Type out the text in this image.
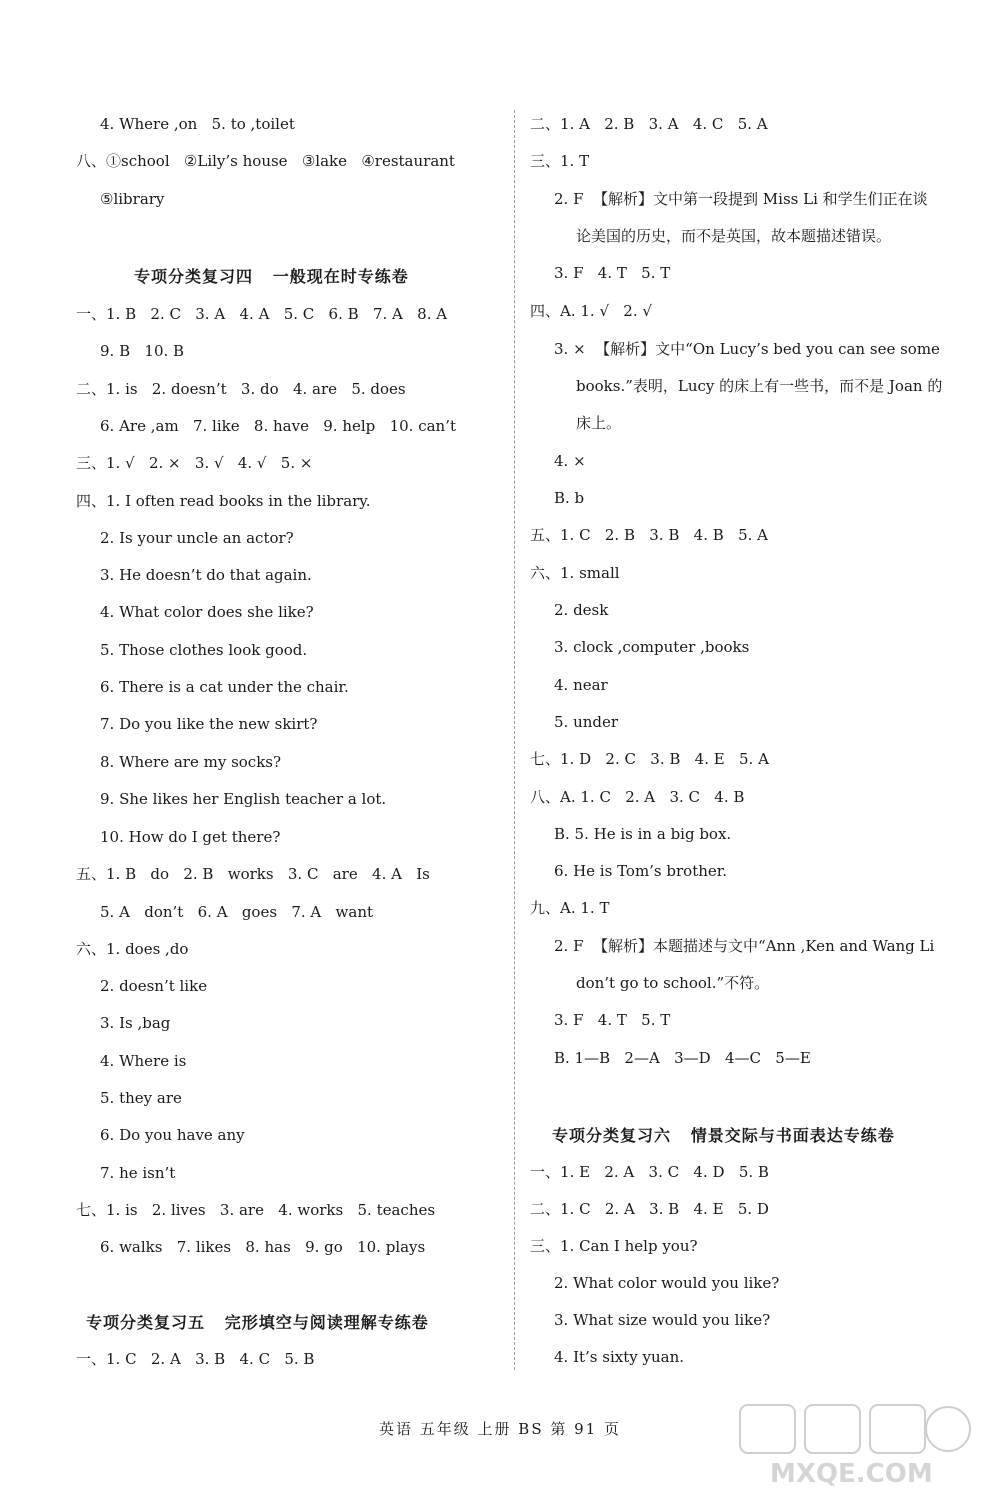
4. Where ,on   5. to ,toilet
八、①school   ②Lily’s house   ③lake   ④restaurant
⑤library
一、1. B   2. C   3. A   4. A   5. C   6. B   7. A   8. A
9. B   10. B
二、1. is   2. doesn’t   3. do   4. are   5. does
6. Are ,am   7. like   8. have   9. help   10. can’t
三、1. √   2. ×   3. √   4. √   5. ×
四、1. I often read books in the library.
2. Is your uncle an actor?
3. He doesn’t do that again.
4. What color does she like?
5. Those clothes look good.
6. There is a cat under the chair.
7. Do you like the new skirt?
8. Where are my socks?
9. She likes her English teacher a lot.
10. How do I get there?
五、1. B   do   2. B   works   3. C   are   4. A   Is
5. A   don’t   6. A   goes   7. A   want
六、1. does ,do
2. doesn’t like
3. Is ,bag
4. Where is
5. they are
6. Do you have any
7. he isn’t
七、1. is   2. lives   3. are   4. works   5. teaches
6. walks   7. likes   8. has   9. go   10. plays
一、1. C   2. A   3. B   4. C   5. B
专项分类复习四   一般现在时专练卷
专项分类复习五   完形填空与阅读理解专练卷
二、1. A   2. B   3. A   4. C   5. A
三、1. T
2. F  【解析】文中第一段提到 Miss Li 和学生们正在谈
论美国的历史，而不是英国，故本题描述错误。
3. F   4. T   5. T
四、A. 1. √   2. √
3. ×  【解析】文中“On Lucy’s bed you can see some
books.”表明，Lucy 的床上有一些书，而不是 Joan 的
床上。
4. ×
B. b
五、1. C   2. B   3. B   4. B   5. A
六、1. small
2. desk
3. clock ,computer ,books
4. near
5. under
七、1. D   2. C   3. B   4. E   5. A
八、A. 1. C   2. A   3. C   4. B
B. 5. He is in a big box.
6. He is Tom’s brother.
九、A. 1. T
2. F  【解析】本题描述与文中“Ann ,Ken and Wang Li
don’t go to school.”不符。
3. F   4. T   5. T
B. 1—B   2—A   3—D   4—C   5—E
一、1. E   2. A   3. C   4. D   5. B
二、1. C   2. A   3. B   4. E   5. D
三、1. Can I help you?
2. What color would you like?
3. What size would you like?
4. It’s sixty yuan.
专项分类复习六   情景交际与书面表达专练卷
英语 五年级 上册 BS 第 91 页
MXQE.COM
